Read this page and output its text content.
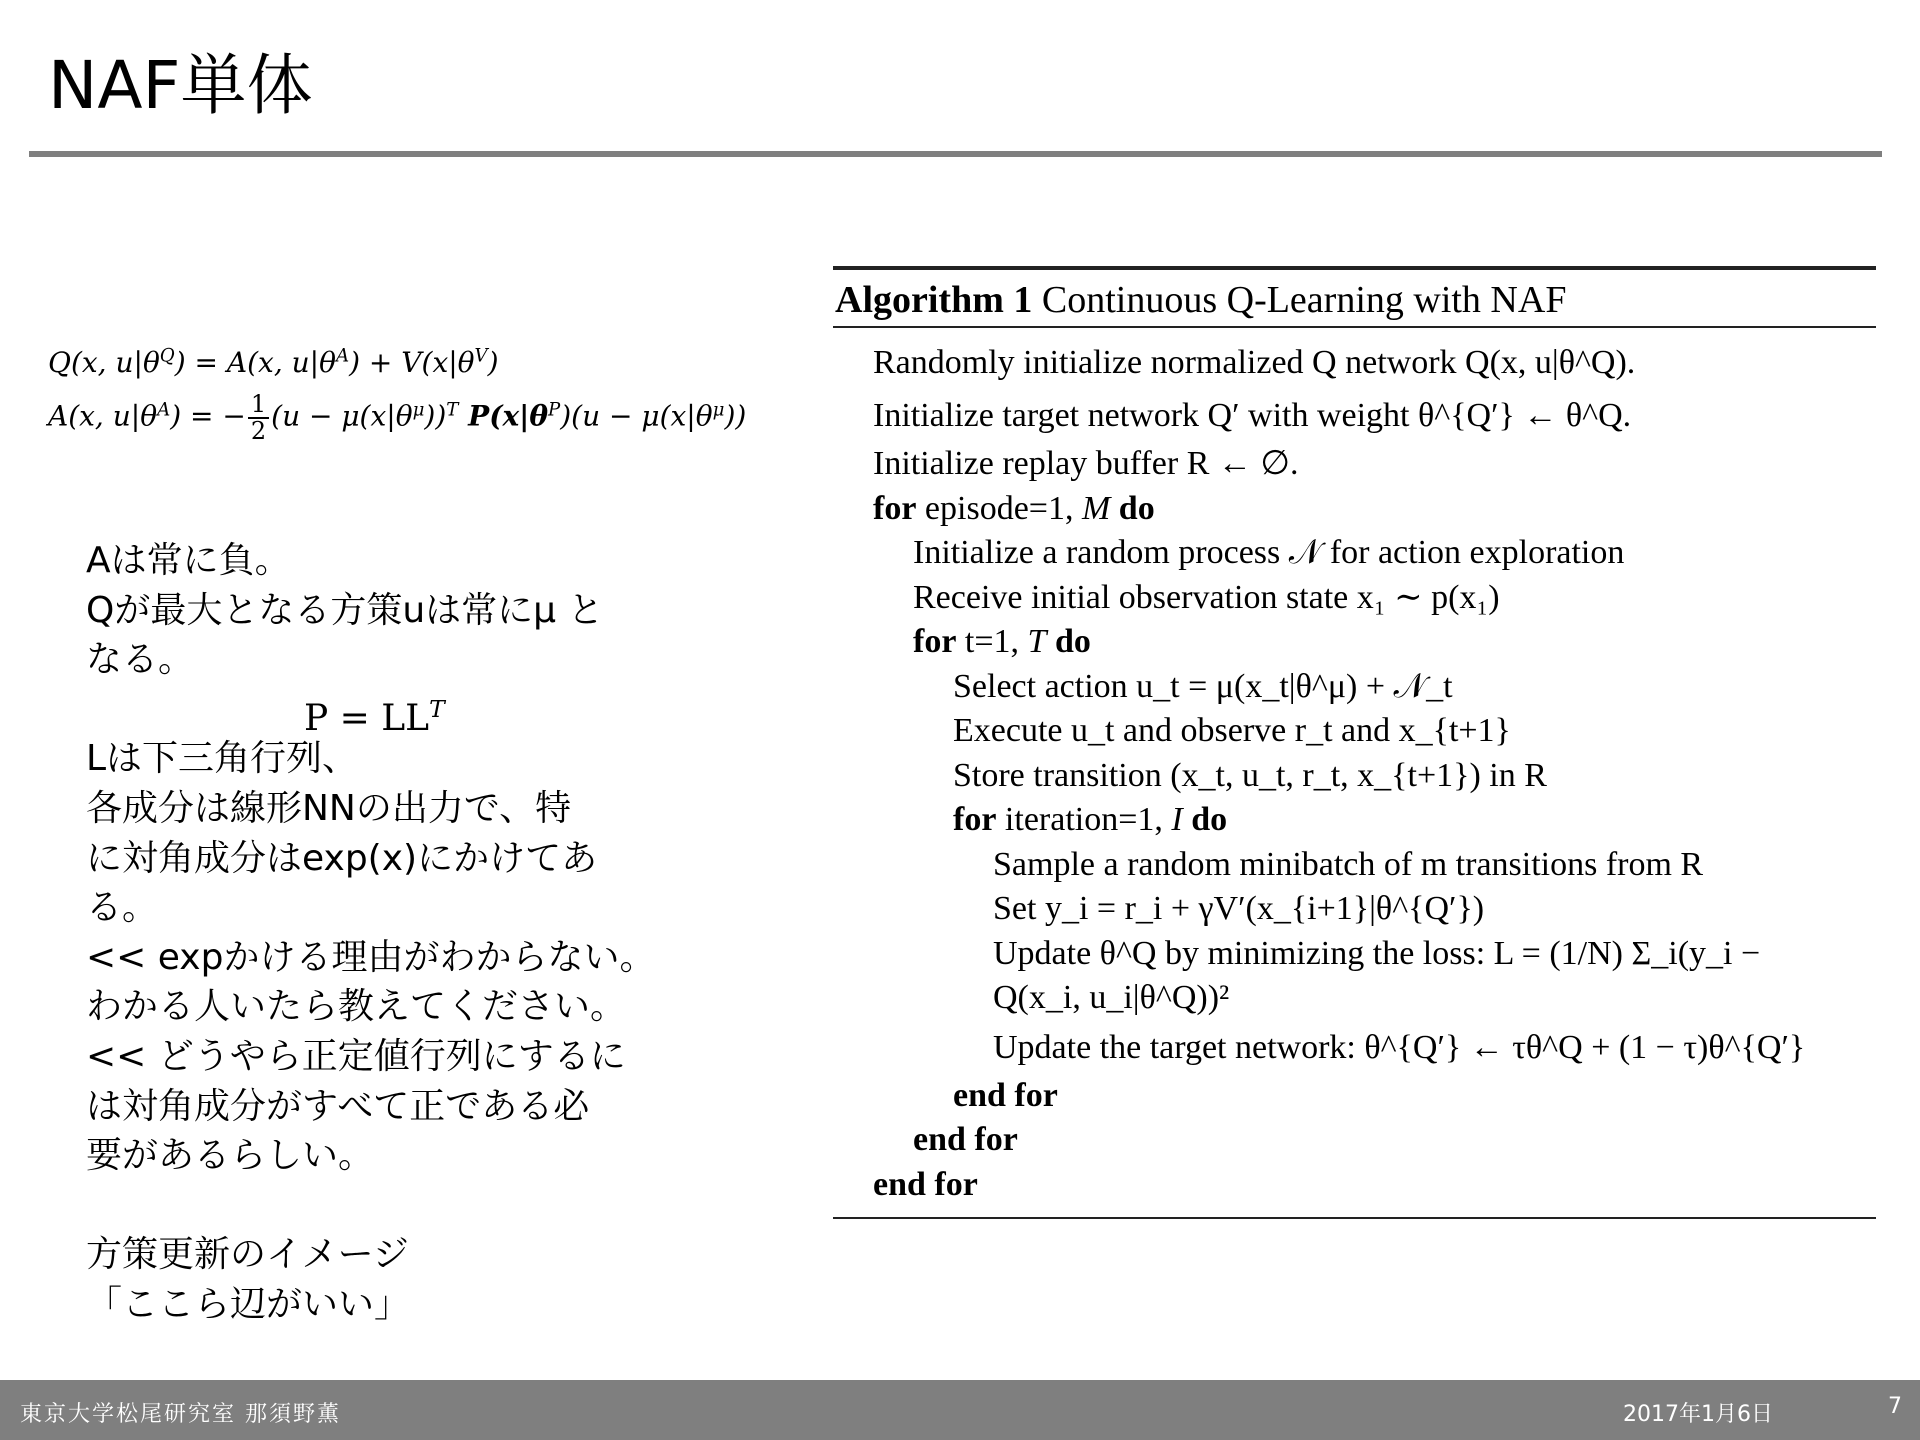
NAF単体
Q(x, $u|\theta^Q) = A(x$, $u|\theta^A) + V(x|\theta^V)$
A(x, $u|\theta^A$) = − $\frac{1}{2} (u - \mu(x|\theta^\mu))^T$ $P(x|\theta^P)(u - \mu(x|\theta^\mu))$
Aは常に負。
Qが最大となる方策uは常にμ と
なる。
$P = LL^T$
Lは下三角行列、
各成分は線形NNの出力で、特
に対角成分はexp(x)にかけてあ
る。
<< expかける理由がわからない。
わかる人いたら教えてください。
<< どうやら正定値行列にするに
は対角成分がすべて正である必
要があるらしい。
方策更新のイメージ
「ここら辺がいい」
Algorithm 1 Continuous Q-Learning with NAF
Randomly initialize normalized Q network Q(x, u|θ^Q).
Initialize target network Q′ with weight θ^{Q′} ← θ^Q.
Initialize replay buffer R ← ∅.
for episode=1, M do
Initialize a random process 𝒩 for action exploration
Receive initial observation state x₁ ∼ p(x₁)
for t=1, T do
Select action u_t = μ(x_t|θ^μ) + 𝒩_t
Execute u_t and observe r_t and x_{t+1}
Store transition (x_t, u_t, r_t, x_{t+1}) in R
for iteration=1, I do
Sample a random minibatch of m transitions from R
Set y_i = r_i + γV′(x_{i+1}|θ^{Q′})
Update θ^Q by minimizing the loss: L = (1/N) Σ_i(y_i −
Q(x_i, u_i|θ^Q))²
Update the target network: θ^{Q′} ← τθ^Q + (1 − τ)θ^{Q′}
end for
end for
end for
東京大学松尾研究室 那須野薫	2017年1月6日	7
